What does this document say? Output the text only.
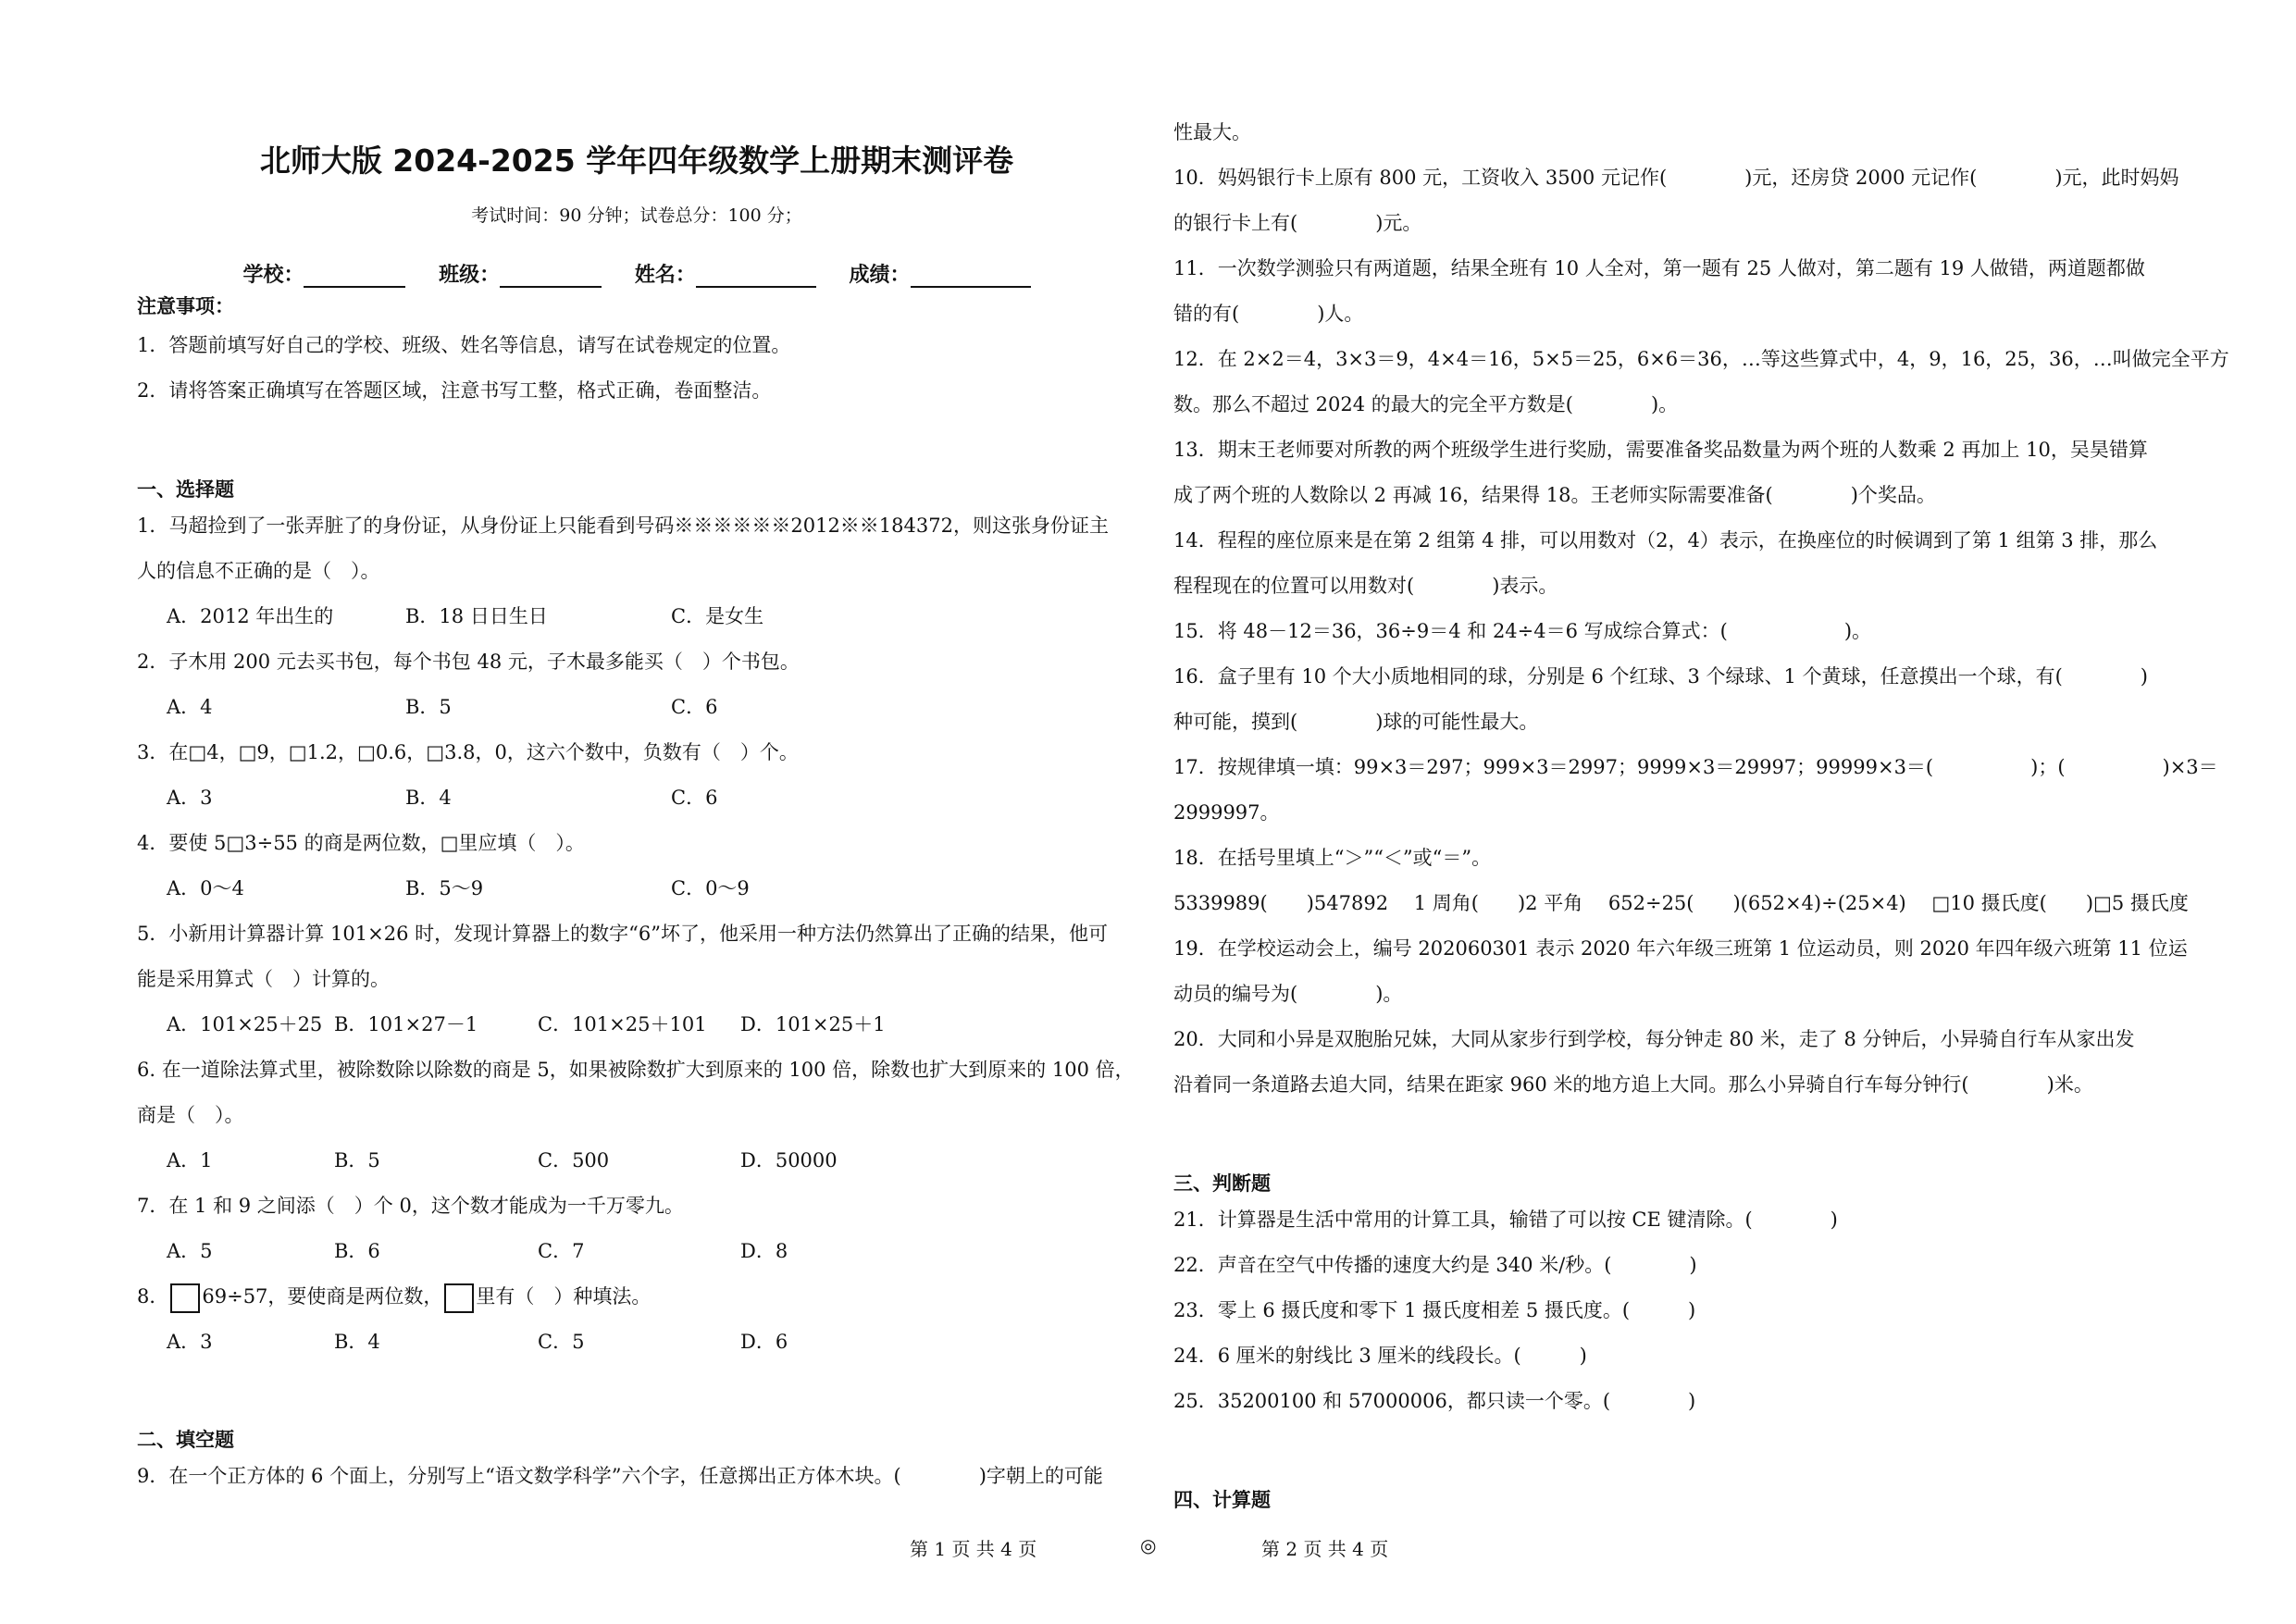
北师大版 2024-2025 学年四年级数学上册期末测评卷
考试时间：90 分钟；试卷总分：100 分；
学校：	班级：	姓名：	成绩：
注意事项：
1．答题前填写好自己的学校、班级、姓名等信息，请写在试卷规定的位置。
2．请将答案正确填写在答题区域，注意书写工整，格式正确，卷面整洁。
一、选择题
1．马超捡到了一张弄脏了的身份证，从身份证上只能看到号码※※※※※※2012※※184372，则这张身份证主
人的信息不正确的是（　）。
A．2012 年出生的	B．18 日日生日	C．是女生
2．子木用 200 元去买书包，每个书包 48 元，子木最多能买（　）个书包。
A．4	B．5	C．6
3．在□4，□9，□1.2，□0.6，□3.8，0，这六个数中，负数有（　）个。
A．3	B．4	C．6
4．要使 5□3÷55 的商是两位数，□里应填（　）。
A．0～4	B．5～9	C．0～9
5．小新用计算器计算 101×26 时，发现计算器上的数字“6”坏了，他采用一种方法仍然算出了正确的结果，他可
能是采用算式（　）计算的。
A．101×25＋25 B．101×27－1	C．101×25＋101 D．101×25＋1
6. 在一道除法算式里，被除数除以除数的商是 5，如果被除数扩大到原来的 100 倍，除数也扩大到原来的 100 倍，
商是（　）。
A．1	B．5	C．500	D．50000
7．在 1 和 9 之间添（　）个 0，这个数才能成为一千万零九。
A．5	B．6	C．7	D．8
8． 69÷57，要使商是两位数， 里有（　）种填法。
A．3	B．4	C．5	D．6
二、填空题
9．在一个正方体的 6 个面上，分别写上“语文数学科学”六个字，任意掷出正方体木块。(　　　　)字朝上的可能
性最大。
10．妈妈银行卡上原有 800 元，工资收入 3500 元记作(　　　　)元，还房贷 2000 元记作(　　　　)元，此时妈妈
的银行卡上有(　　　　)元。
11．一次数学测验只有两道题，结果全班有 10 人全对，第一题有 25 人做对，第二题有 19 人做错，两道题都做
错的有(　　　　)人。
12．在 2×2＝4，3×3＝9，4×4＝16，5×5＝25，6×6＝36，…等这些算式中，4，9，16，25，36，…叫做完全平方
数。那么不超过 2024 的最大的完全平方数是(　　　　)。
13．期末王老师要对所教的两个班级学生进行奖励，需要准备奖品数量为两个班的人数乘 2 再加上 10，吴昊错算
成了两个班的人数除以 2 再减 16，结果得 18。王老师实际需要准备(　　　　)个奖品。
14．程程的座位原来是在第 2 组第 4 排，可以用数对（2，4）表示，在换座位的时候调到了第 1 组第 3 排，那么
程程现在的位置可以用数对(　　　　)表示。
15．将 48－12＝36，36÷9＝4 和 24÷4＝6 写成综合算式：(　　　　　　)。
16．盒子里有 10 个大小质地相同的球，分别是 6 个红球、3 个绿球、1 个黄球，任意摸出一个球，有(　　　　)
种可能，摸到(　　　　)球的可能性最大。
17．按规律填一填：99×3＝297；999×3＝2997；9999×3＝29997；99999×3＝(　　　　　)；(　　　　　)×3＝
2999997。
18．在括号里填上“＞”“＜”或“＝”。
5339989(　　)547892　 1 周角(　　)2 平角　 652÷25(　　)(652×4)÷(25×4)　 □10 摄氏度(　　)□5 摄氏度
19．在学校运动会上，编号 202060301 表示 2020 年六年级三班第 1 位运动员，则 2020 年四年级六班第 11 位运
动员的编号为(　　　　)。
20．大同和小异是双胞胎兄妹，大同从家步行到学校，每分钟走 80 米，走了 8 分钟后，小异骑自行车从家出发
沿着同一条道路去追大同，结果在距家 960 米的地方追上大同。那么小异骑自行车每分钟行(　　　　)米。
三、判断题
21．计算器是生活中常用的计算工具，输错了可以按 CE 键清除。(　　　　)
22．声音在空气中传播的速度大约是 340 米/秒。(　　　　)
23．零上 6 摄氏度和零下 1 摄氏度相差 5 摄氏度。(　　　)
24．6 厘米的射线比 3 厘米的线段长。(　　　)
25．35200100 和 57000006，都只读一个零。(　　　　)
四、计算题
第 1 页 共 4 页	◎	第 2 页 共 4 页
